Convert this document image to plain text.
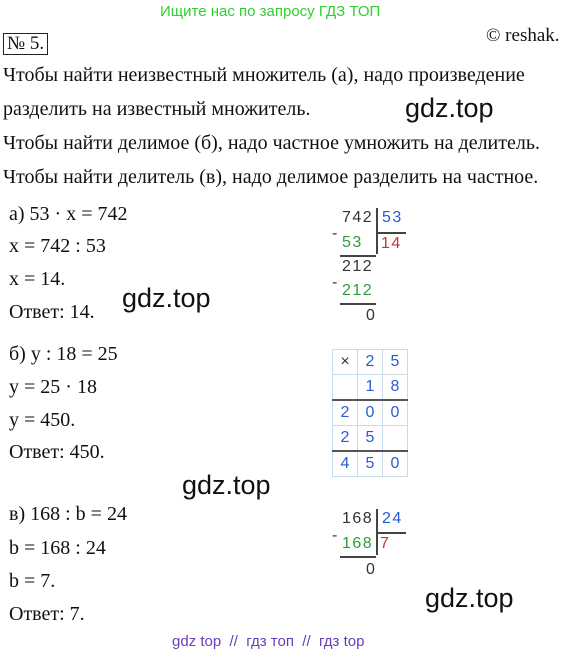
Ищите нас по запросу ГДЗ ТОП
© reshak.
№ 5.
Чтобы найти неизвестный множитель (а), надо произведение
разделить на известный множитель.
Чтобы найти делимое (б), надо частное умножить на делитель.
Чтобы найти делитель (в), надо делимое разделить на частное.
gdz.top
gdz.top
gdz.top
gdz.top
а) 53 · x = 742
x = 742 : 53
x = 14.
Ответ: 14.
742 53
-
53 14
212
- 212
0
б) y : 18 = 25
y = 25 · 18
y = 450.
Ответ: 450.
×	2	5
	1	8
2	0	0
2	5	
4	5	0
в) 168 : b = 24
b = 168 : 24
b = 7.
Ответ: 7.
168 24
- 168 7
0
gdz top  //  гдз топ  //  гдз top
